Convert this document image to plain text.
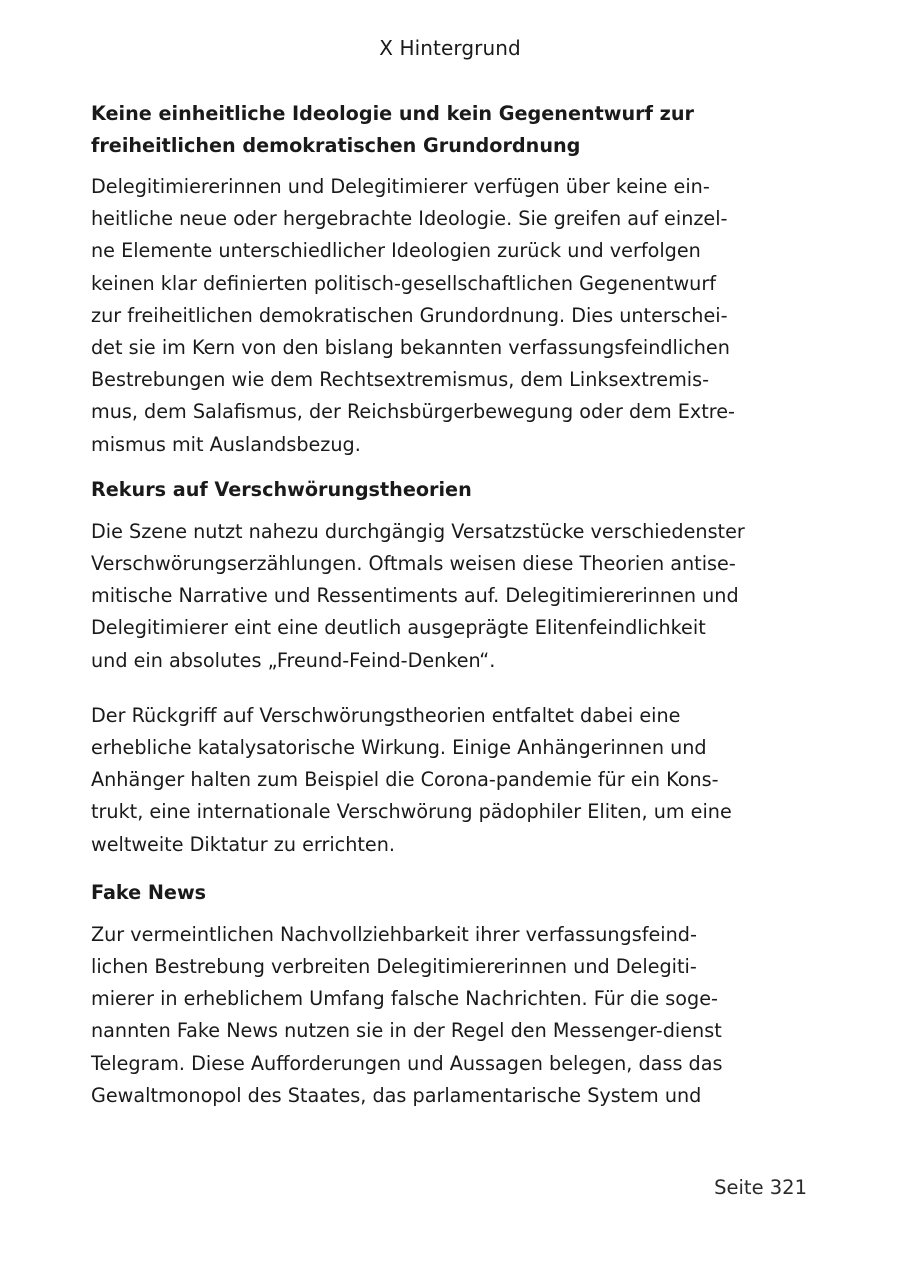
X Hintergrund
Keine einheitliche Ideologie und kein Gegenentwurf zur
freiheitlichen demokratischen Grundordnung
Delegitimiererinnen und Delegitimierer verfügen über keine ein-
heitliche neue oder hergebrachte Ideologie. Sie greifen auf einzel-
ne Elemente unterschiedlicher Ideologien zurück und verfolgen
keinen klar definierten politisch-gesellschaftlichen Gegenentwurf
zur freiheitlichen demokratischen Grundordnung. Dies unterschei-
det sie im Kern von den bislang bekannten verfassungsfeindlichen
Bestrebungen wie dem Rechtsextremismus, dem Linksextremis-
mus, dem Salafismus, der Reichsbürgerbewegung oder dem Extre-
mismus mit Auslandsbezug.
Rekurs auf Verschwörungstheorien
Die Szene nutzt nahezu durchgängig Versatzstücke verschiedenster
Verschwörungserzählungen. Oftmals weisen diese Theorien antise-
mitische Narrative und Ressentiments auf. Delegitimiererinnen und
Delegitimierer eint eine deutlich ausgeprägte Elitenfeindlichkeit
und ein absolutes „Freund-Feind-Denken“.
Der Rückgriff auf Verschwörungstheorien entfaltet dabei eine
erhebliche katalysatorische Wirkung. Einige Anhängerinnen und
Anhänger halten zum Beispiel die Corona-pandemie für ein Kons-
trukt, eine internationale Verschwörung pädophiler Eliten, um eine
weltweite Diktatur zu errichten.
Fake News
Zur vermeintlichen Nachvollziehbarkeit ihrer verfassungsfeind-
lichen Bestrebung verbreiten Delegitimiererinnen und Delegiti-
mierer in erheblichem Umfang falsche Nachrichten. Für die soge-
nannten Fake News nutzen sie in der Regel den Messenger-dienst
Telegram. Diese Aufforderungen und Aussagen belegen, dass das
Gewaltmonopol des Staates, das parlamentarische System und
Seite 321
